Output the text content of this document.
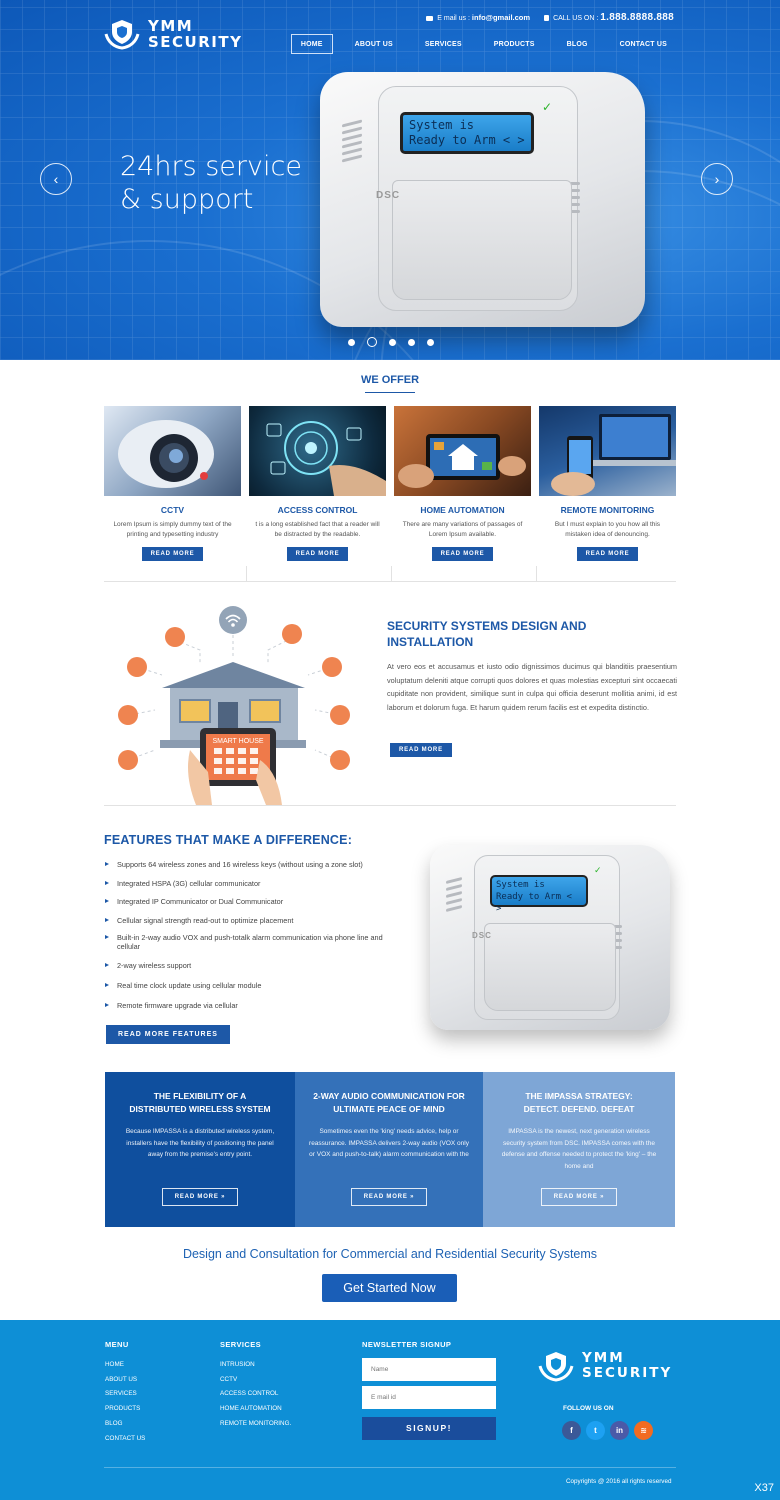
YMM
SECURITY
E mail us : info@gmail.com	CALL US ON : 1.888.8888.888
HOME	ABOUT US	SERVICES	PRODUCTS	BLOG	CONTACT US
24hrs service & support
‹	›
System is
Ready to Arm < >
✓
DSC
WE OFFER
CCTV

Lorem Ipsum is simply dummy text of the printing and typesetting industry

READ MORE
ACCESS CONTROL

t is a long established fact that a reader will be distracted by the readable.

READ MORE
HOME AUTOMATION

There are many variations of passages of Lorem Ipsum available.

READ MORE
REMOTE MONITORING

But I must explain to you how all this mistaken idea of denouncing.

READ MORE
SMART HOUSE
SECURITY SYSTEMS DESIGN AND INSTALLATION

At vero eos et accusamus et iusto odio dignissimos ducimus qui blanditiis praesentium voluptatum deleniti atque corrupti quos dolores et quas molestias excepturi sint occaecati cupiditate non provident, similique sunt in culpa qui officia deserunt mollitia animi, id est laborum et dolorum fuga. Et harum quidem rerum facilis est et expedita distinctio.

READ MORE
FEATURES THAT MAKE A DIFFERENCE:
Supports 64 wireless zones and 16 wireless keys (without using a zone slot)
Integrated HSPA (3G) cellular communicator
Integrated IP Communicator or Dual Communicator
Cellular signal strength read-out to optimize placement
Built-in 2-way audio VOX and push-totalk alarm communication via phone line and cellular
2-way wireless support
Real time clock update using cellular module
Remote firmware upgrade via cellular
READ MORE FEATURES
System is
Ready to Arm < >
✓
DSC
THE FLEXIBILITY OF A DISTRIBUTED WIRELESS SYSTEM

Because IMPASSA is a distributed wireless system, installers have the flexibility of positioning the panel away from the premise's entry point.

READ MORE »
2-WAY AUDIO COMMUNICATION FOR ULTIMATE PEACE OF MIND

Sometimes even the 'king' needs advice, help or reassurance. IMPASSA delivers 2-way audio (VOX only or VOX and push-to-talk) alarm communication with the

READ MORE »
THE IMPASSA STRATEGY: DETECT. DEFEND. DEFEAT

IMPASSA is the newest, next generation wireless security system from DSC. IMPASSA comes with the defense and offense needed to protect the 'king' – the home and

READ MORE »
Design and Consultation for Commercial and Residential Security Systems
Get Started Now
MENU
HOME
ABOUT US
SERVICES
PRODUCTS
BLOG
CONTACT US
SERVICES
INTRUSION
CCTV
ACCESS CONTROL
HOME AUTOMATION
REMOTE MONITORING.
NEWSLETTER SIGNUP
Name
E mail id
SIGNUP!
YMM
SECURITY
FOLLOW US ON
f	t	in	≋
Copyrights @ 2016 all rights reserved
X37
